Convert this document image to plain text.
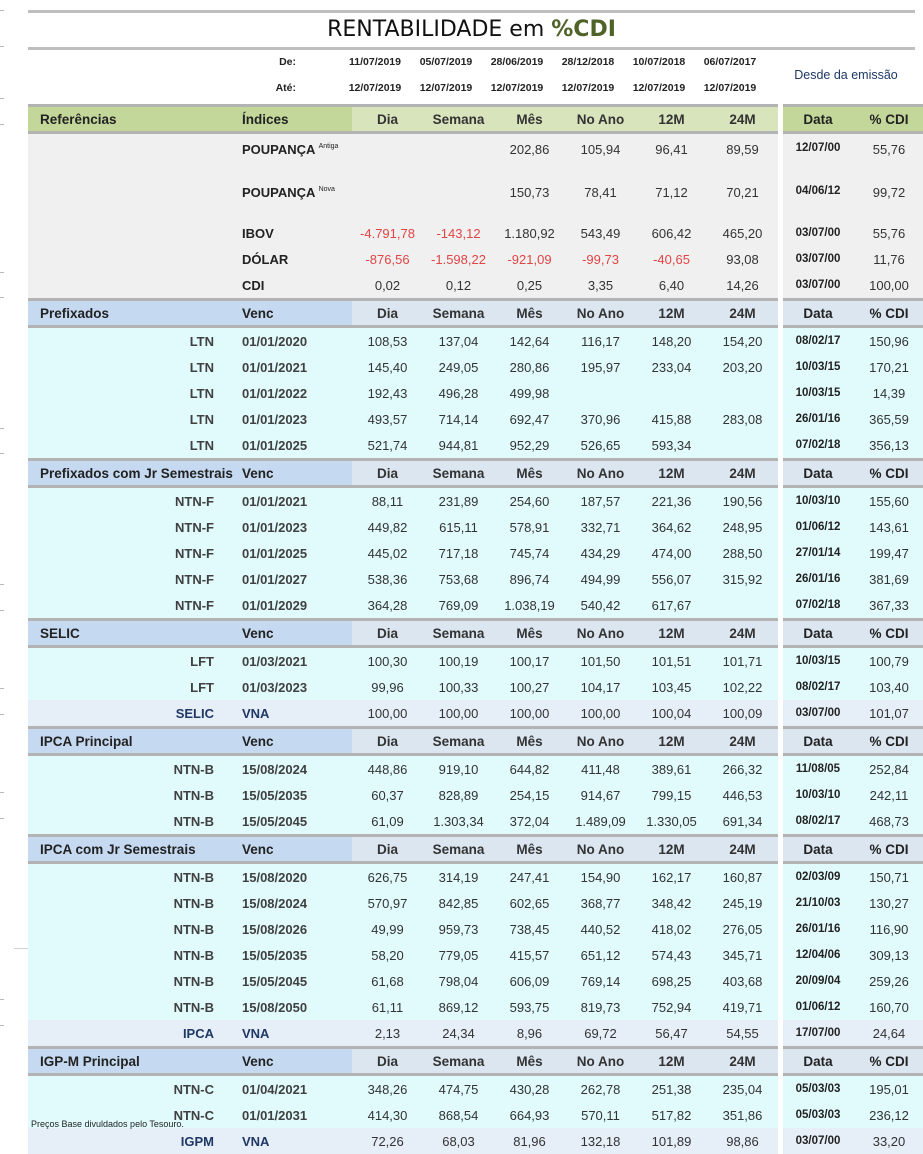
RENTABILIDADE em %CDI
De:	11/07/2019	05/07/2019	28/06/2019	28/12/2018	10/07/2018	06/07/2017
Até:	12/07/2019	12/07/2019	12/07/2019	12/07/2019	12/07/2019	12/07/2019
Desde da emissão
Referências	Índices	Dia	Semana	Mês	No Ano	12M	24M		Data	% CDI
	POUPANÇA $^{Antiga}$			202,86	105,94	96,41	89,59		12/07/00	55,76
	POUPANÇA $^{Nova}$			150,73	78,41	71,12	70,21		04/06/12	99,72
	IBOV	-4.791,78	-143,12	1.180,92	543,49	606,42	465,20		03/07/00	55,76
	DÓLAR	-876,56	-1.598,22	-921,09	-99,73	-40,65	93,08		03/07/00	11,76
	CDI	0,02	0,12	0,25	3,35	6,40	14,26		03/07/00	100,00
Prefixados	Venc	Dia	Semana	Mês	No Ano	12M	24M		Data	% CDI
LTN	01/01/2020	108,53	137,04	142,64	116,17	148,20	154,20		08/02/17	150,96
LTN	01/01/2021	145,40	249,05	280,86	195,97	233,04	203,20		10/03/15	170,21
LTN	01/01/2022	192,43	496,28	499,98					10/03/15	14,39
LTN	01/01/2023	493,57	714,14	692,47	370,96	415,88	283,08		26/01/16	365,59
LTN	01/01/2025	521,74	944,81	952,29	526,65	593,34			07/02/18	356,13
Prefixados com Jr Semestrais	Venc	Dia	Semana	Mês	No Ano	12M	24M		Data	% CDI
NTN-F	01/01/2021	88,11	231,89	254,60	187,57	221,36	190,56		10/03/10	155,60
NTN-F	01/01/2023	449,82	615,11	578,91	332,71	364,62	248,95		01/06/12	143,61
NTN-F	01/01/2025	445,02	717,18	745,74	434,29	474,00	288,50		27/01/14	199,47
NTN-F	01/01/2027	538,36	753,68	896,74	494,99	556,07	315,92		26/01/16	381,69
NTN-F	01/01/2029	364,28	769,09	1.038,19	540,42	617,67			07/02/18	367,33
SELIC	Venc	Dia	Semana	Mês	No Ano	12M	24M		Data	% CDI
LFT	01/03/2021	100,30	100,19	100,17	101,50	101,51	101,71		10/03/15	100,79
LFT	01/03/2023	99,96	100,33	100,27	104,17	103,45	102,22		08/02/17	103,40
SELIC	VNA	100,00	100,00	100,00	100,00	100,04	100,09		03/07/00	101,07
IPCA Principal	Venc	Dia	Semana	Mês	No Ano	12M	24M		Data	% CDI
NTN-B	15/08/2024	448,86	919,10	644,82	411,48	389,61	266,32		11/08/05	252,84
NTN-B	15/05/2035	60,37	828,89	254,15	914,67	799,15	446,53		10/03/10	242,11
NTN-B	15/05/2045	61,09	1.303,34	372,04	1.489,09	1.330,05	691,34		08/02/17	468,73
IPCA com Jr Semestrais	Venc	Dia	Semana	Mês	No Ano	12M	24M		Data	% CDI
NTN-B	15/08/2020	626,75	314,19	247,41	154,90	162,17	160,87		02/03/09	150,71
NTN-B	15/08/2024	570,97	842,85	602,65	368,77	348,42	245,19		21/10/03	130,27
NTN-B	15/08/2026	49,99	959,73	738,45	440,52	418,02	276,05		26/01/16	116,90
NTN-B	15/05/2035	58,20	779,05	415,57	651,12	574,43	345,71		12/04/06	309,13
NTN-B	15/05/2045	61,68	798,04	606,09	769,14	698,25	403,68		20/09/04	259,26
NTN-B	15/08/2050	61,11	869,12	593,75	819,73	752,94	419,71		01/06/12	160,70
IPCA	VNA	2,13	24,34	8,96	69,72	56,47	54,55		17/07/00	24,64
IGP-M Principal	Venc	Dia	Semana	Mês	No Ano	12M	24M		Data	% CDI
NTN-C	01/04/2021	348,26	474,75	430,28	262,78	251,38	235,04		05/03/03	195,01
NTN-C	01/01/2031	414,30	868,54	664,93	570,11	517,82	351,86		05/03/03	236,12
IGPM	VNA	72,26	68,03	81,96	132,18	101,89	98,86		03/07/00	33,20
Preços Base divuldados pelo Tesouro.
